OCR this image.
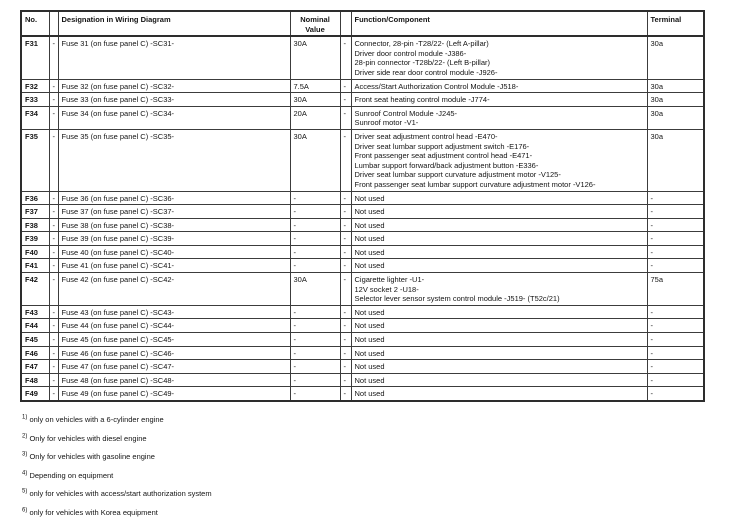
No.		Designation in Wiring Diagram	Nominal Value		Function/Component	Terminal
F31	-	Fuse 31 (on fuse panel C) -SC31-	30A	-	Connector, 28-pin -T28/22- (Left A-pillar)
Driver door control module -J386-
28-pin connector -T28b/22- (Left B-pillar)
Driver side rear door control module -J926-	30a
F32	-	Fuse 32 (on fuse panel C) -SC32-	7.5A	-	Access/Start Authorization Control Module -J518-	30a
F33	-	Fuse 33 (on fuse panel C) -SC33-	30A	-	Front seat heating control module -J774-	30a
F34	-	Fuse 34 (on fuse panel C) -SC34-	20A	-	Sunroof Control Module -J245-
Sunroof motor -V1-	30a
F35	-	Fuse 35 (on fuse panel C) -SC35-	30A	-	Driver seat adjustment control head -E470-
Driver seat lumbar support adjustment switch -E176-
Front passenger seat adjustment control head -E471-
Lumbar support forward/back adjustment button -E336-
Driver seat lumbar support curvature adjustment motor -V125-
Front passenger seat lumbar support curvature adjustment motor -V126-
	30a
F36	-	Fuse 36 (on fuse panel C) -SC36-	-	-	Not used	-
F37	-	Fuse 37 (on fuse panel C) -SC37-	-	-	Not used	-
F38	-	Fuse 38 (on fuse panel C) -SC38-	-	-	Not used	-
F39	-	Fuse 39 (on fuse panel C) -SC39-	-	-	Not used	-
F40	-	Fuse 40 (on fuse panel C) -SC40-	-	-	Not used	-
F41	-	Fuse 41 (on fuse panel C) -SC41-	-	-	Not used	-
F42	-	Fuse 42 (on fuse panel C) -SC42-	30A	-	Cigarette lighter -U1-
12V socket 2 -U18-
Selector lever sensor system control module -J519- (T52c/21)	75a
F43	-	Fuse 43 (on fuse panel C) -SC43-	-	-	Not used	-
F44	-	Fuse 44 (on fuse panel C) -SC44-	-	-	Not used	-
F45	-	Fuse 45 (on fuse panel C) -SC45-	-	-	Not used	-
F46	-	Fuse 46 (on fuse panel C) -SC46-	-	-	Not used	-
F47	-	Fuse 47 (on fuse panel C) -SC47-	-	-	Not used	-
F48	-	Fuse 48 (on fuse panel C) -SC48-	-	-	Not used	-
F49	-	Fuse 49 (on fuse panel C) -SC49-	-	-	Not used	-
$^{1)}$ only on vehicles with a 6-cylinder engine
$^{2)}$ Only for vehicles with diesel engine
$^{3)}$ Only for vehicles with gasoline engine
$^{4)}$ Depending on equipment
$^{5)}$ only for vehicles with access/start authorization system
$^{6)}$ only for vehicles with Korea equipment
